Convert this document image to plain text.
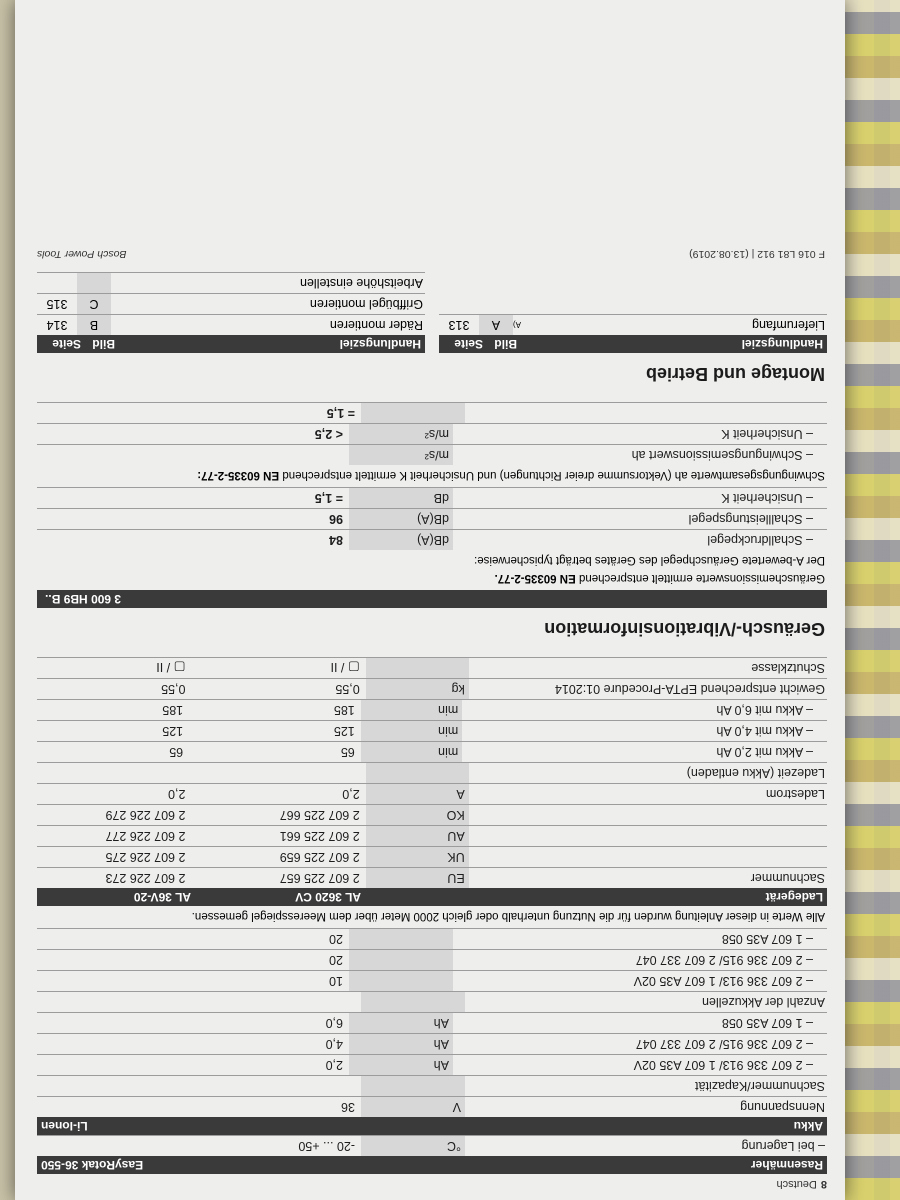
8
Deutsch
Rasenmäher
EasyRotak 36-550
– bei Lagerung
°C
-20 ... +50
Akku
Li-Ionen
Nennspannung
V
36
Sachnummer/Kapazität
– 2 607 336 913/ 1 607 A35 02V
Ah
2,0
– 2 607 336 915/ 2 607 337 047
Ah
4,0
– 1 607 A35 058
Ah
6,0
Anzahl der Akkuzellen
– 2 607 336 913/ 1 607 A35 02V
10
– 2 607 336 915/ 2 607 337 047
20
– 1 607 A35 058
20
Alle Werte in dieser Anleitung wurden für die Nutzung unterhalb oder gleich 2000 Meter über dem Meeresspiegel gemessen.
Ladegerät
AL 3620 CV
AL 36V-20
Sachnummer
EU
2 607 225 657
2 607 226 273
UK
2 607 225 659
2 607 226 275
AU
2 607 225 661
2 607 226 277
KO
2 607 225 667
2 607 226 279
Ladestrom
A
2,0
2,0
Ladezeit (Akku entladen)
– Akku mit 2,0 Ah
min
65
65
– Akku mit 4,0 Ah
min
125
125
– Akku mit 6,0 Ah
min
185
185
Gewicht entsprechend EPTA-Procedure 01:2014
kg
0,55
0,55
Schutzklasse
▢ / II
▢ / II
Geräusch-/Vibrationsinformation
3 600 HB9 B..
Geräuschemissionswerte ermittelt entsprechend EN 60335-2-77.
Der A-bewertete Geräuschpegel des Gerätes beträgt typischerweise:
– Schalldruckpegel
dB(A)
84
– Schallleistungspegel
dB(A)
96
– Unsicherheit K
dB
= 1,5
Schwingungsgesamtwerte ah (Vektorsumme dreier Richtungen) und Unsicherheit K ermittelt entsprechend EN 60335-2-77:
– Schwingungsemissionswert ah
m/s²
– Unsicherheit K
m/s²
< 2,5
= 1,5
Montage und Betrieb
Handlungsziel
Bild
Seite
Lieferumfang
A)
A
313
Handlungsziel
Bild
Seite
Räder montieren
B
314
Griffbügel montieren
C
315
Arbeitshöhe einstellen
F 016 L81 912 | (13.08.2019)
Bosch Power Tools
